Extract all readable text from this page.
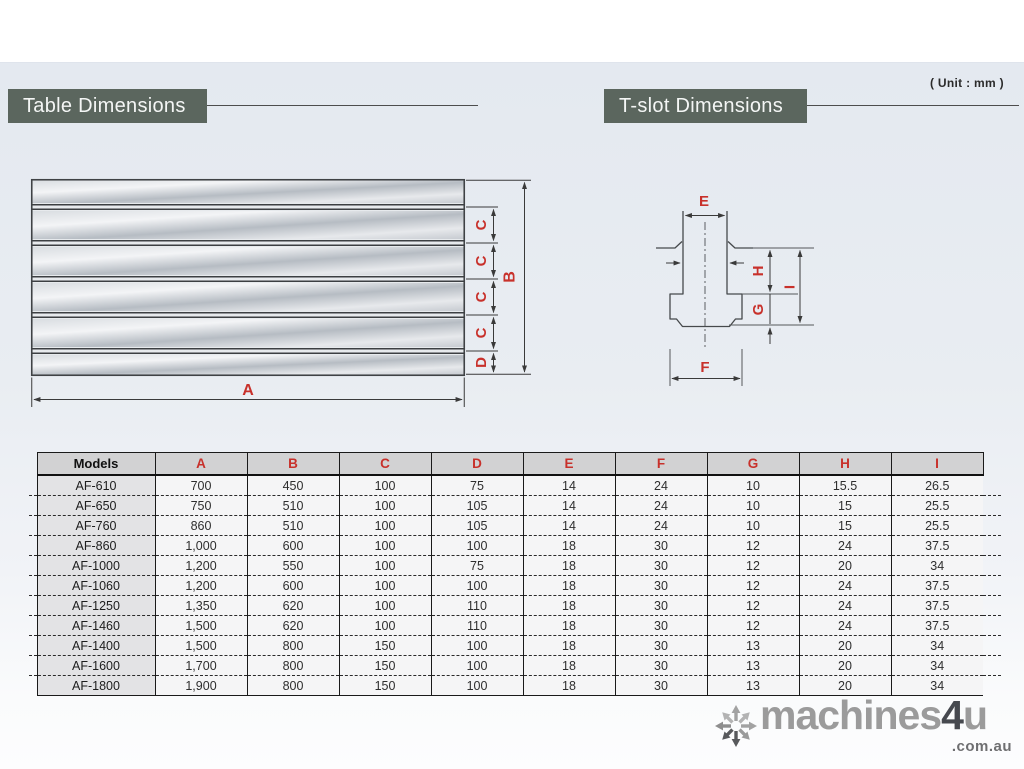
( Unit : mm )
Table Dimensions	T-slot Dimensions
C
C
C
C
D
B
A
E
F
H
G
I
	Models	A	B	C	D	E	F	G	H	I	
	AF-610	700	450	100	75	14	24	10	15.5	26.5	
	AF-650	750	510	100	105	14	24	10	15	25.5	
	AF-760	860	510	100	105	14	24	10	15	25.5	
	AF-860	1,000	600	100	100	18	30	12	24	37.5	
	AF-1000	1,200	550	100	75	18	30	12	20	34	
	AF-1060	1,200	600	100	100	18	30	12	24	37.5	
	AF-1250	1,350	620	100	110	18	30	12	24	37.5	
	AF-1460	1,500	620	100	110	18	30	12	24	37.5	
	AF-1400	1,500	800	150	100	18	30	13	20	34	
	AF-1600	1,700	800	150	100	18	30	13	20	34	
	AF-1800	1,900	800	150	100	18	30	13	20	34	
machines4u
.com.au
